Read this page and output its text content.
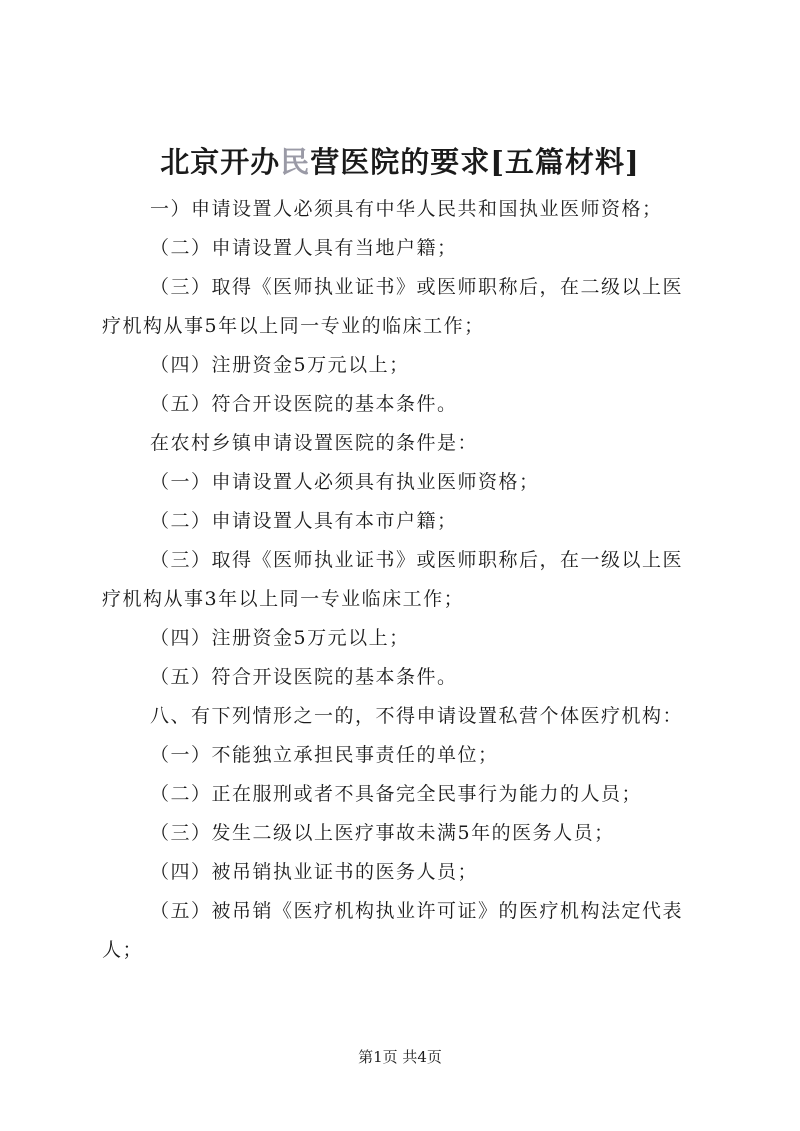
北京开办民营医院的要求[五篇材料]
一）申请设置人必须具有中华人民共和国执业医师资格；
（二）申请设置人具有当地户籍；
（三）取得《医师执业证书》或医师职称后，在二级以上医
疗机构从事5年以上同一专业的临床工作；
（四）注册资金5万元以上；
（五）符合开设医院的基本条件。
在农村乡镇申请设置医院的条件是：
（一）申请设置人必须具有执业医师资格；
（二）申请设置人具有本市户籍；
（三）取得《医师执业证书》或医师职称后，在一级以上医
疗机构从事3年以上同一专业临床工作；
（四）注册资金5万元以上；
（五）符合开设医院的基本条件。
八、有下列情形之一的，不得申请设置私营个体医疗机构：
（一）不能独立承担民事责任的单位；
（二）正在服刑或者不具备完全民事行为能力的人员；
（三）发生二级以上医疗事故未满5年的医务人员；
（四）被吊销执业证书的医务人员；
（五）被吊销《医疗机构执业许可证》的医疗机构法定代表
人；
第1页 共4页
